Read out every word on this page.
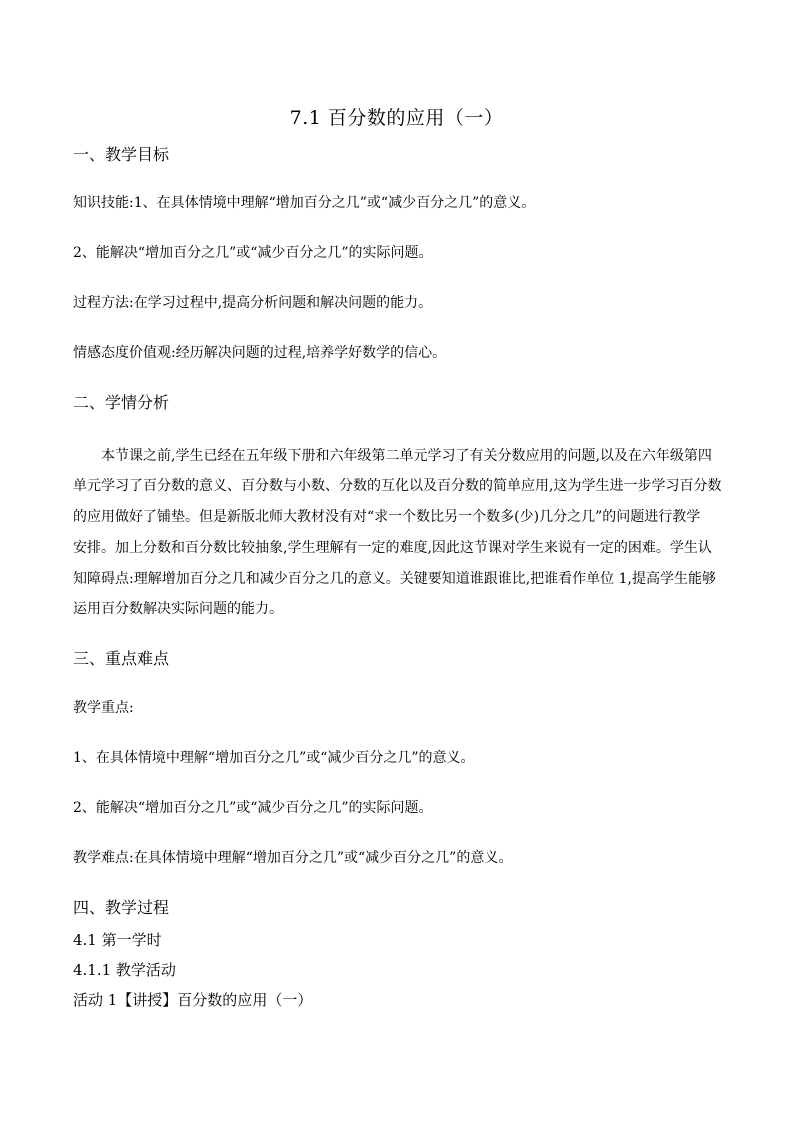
7.1 百分数的应用（一）
一、教学目标
知识技能:1、在具体情境中理解“增加百分之几”或“减少百分之几”的意义。
2、能解决“增加百分之几”或“减少百分之几”的实际问题。
过程方法:在学习过程中,提高分析问题和解决问题的能力。
情感态度价值观:经历解决问题的过程,培养学好数学的信心。
二、学情分析
本节课之前,学生已经在五年级下册和六年级第二单元学习了有关分数应用的问题,以及在六年级第四
单元学习了百分数的意义、百分数与小数、分数的互化以及百分数的简单应用,这为学生进一步学习百分数
的应用做好了铺垫。但是新版北师大教材没有对“求一个数比另一个数多(少)几分之几”的问题进行教学
安排。加上分数和百分数比较抽象,学生理解有一定的难度,因此这节课对学生来说有一定的困难。学生认
知障碍点:理解增加百分之几和减少百分之几的意义。关键要知道谁跟谁比,把谁看作单位 1,提高学生能够
运用百分数解决实际问题的能力。
三、重点难点
教学重点:
1、在具体情境中理解“增加百分之几”或“减少百分之几”的意义。
2、能解决“增加百分之几”或“减少百分之几”的实际问题。
教学难点:在具体情境中理解“增加百分之几”或“减少百分之几”的意义。
四、教学过程
4.1 第一学时
4.1.1 教学活动
活动 1【讲授】百分数的应用（一）
